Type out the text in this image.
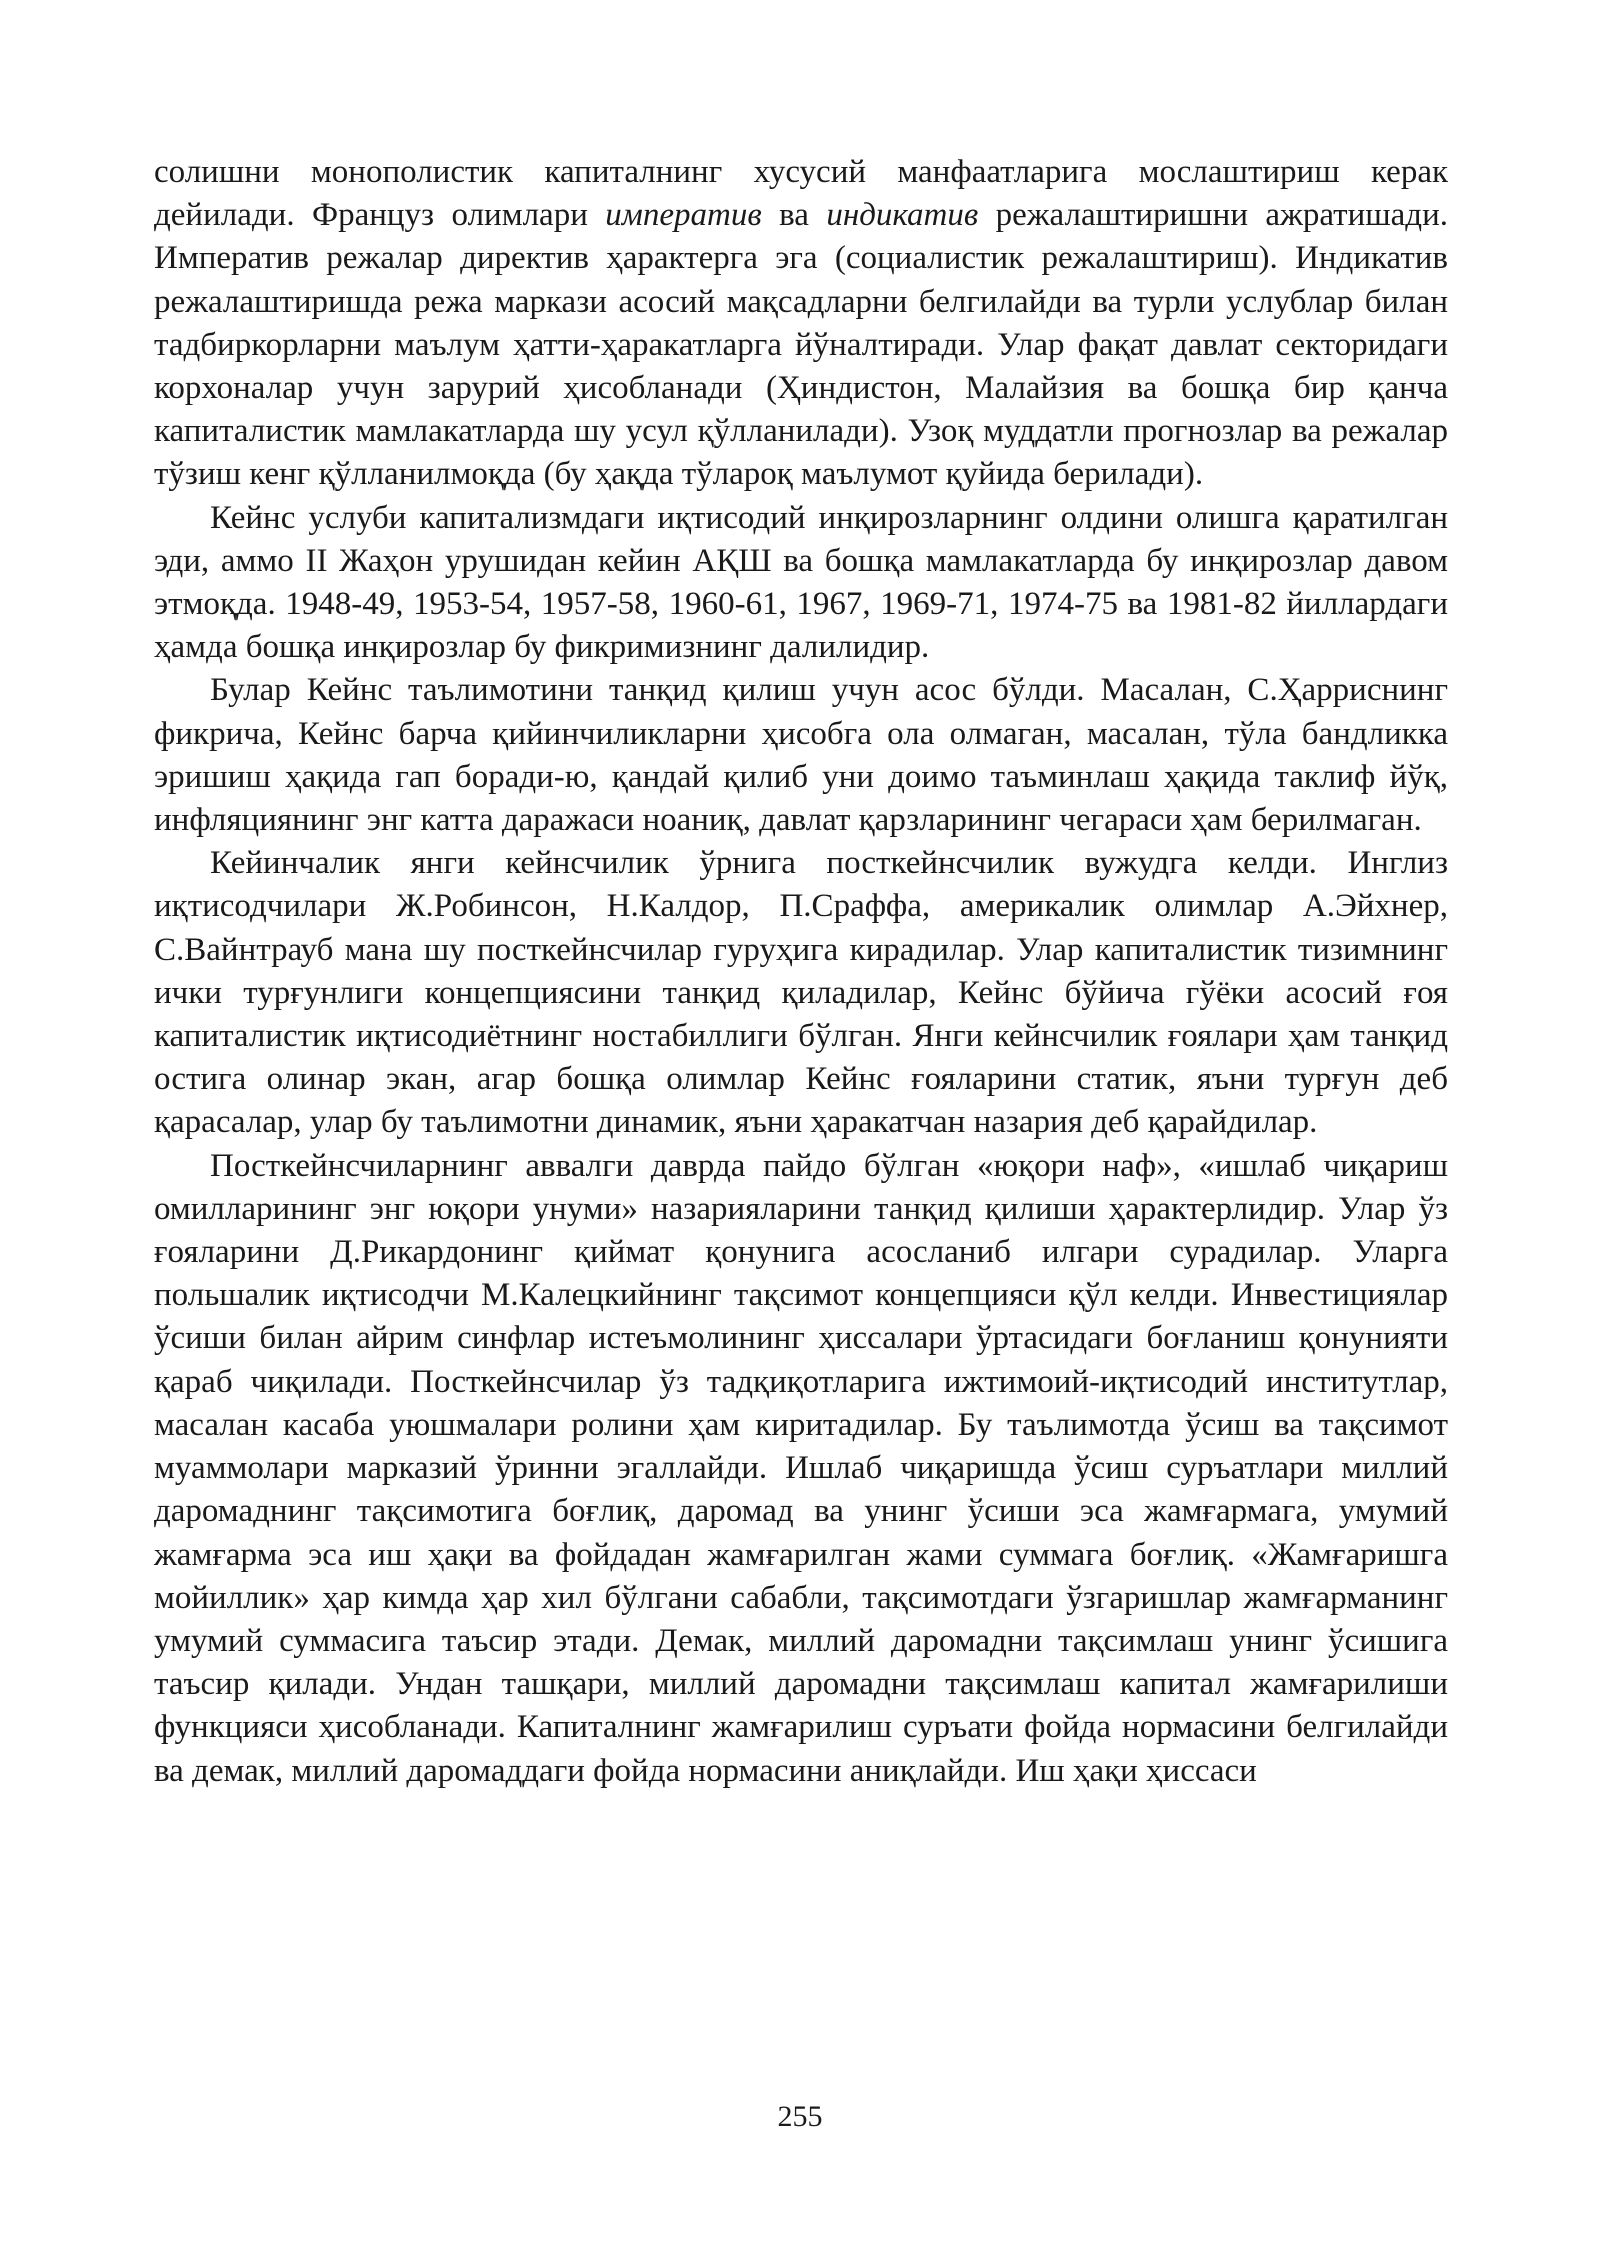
солишни монополистик капиталнинг хусусий манфаатларига мослаштириш керак дейилади. Француз олимлари императив ва индикатив режалаштиришни ажратишади. Императив режалар директив ҳарактерга эга (социалистик режалаштириш). Индикатив режалаштиришда режа маркази асосий мақсадларни белгилайди ва турли услублар билан тадбиркорларни маълум ҳатти-ҳаракатларга йўналтиради. Улар фақат давлат секторидаги корхоналар учун зарурий ҳисобланади (Ҳиндистон, Малайзия ва бошқа бир қанча капиталистик мамлакатларда шу усул қўлланилади). Узоқ муддатли прогнозлар ва режалар тўзиш кенг қўлланилмоқда (бу ҳақда тўлароқ маълумот қуйида берилади).

Кейнс услуби капитализмдаги иқтисодий инқирозларнинг олдини олишга қаратилган эди, аммо II Жаҳон урушидан кейин АҚШ ва бошқа мамлакатларда бу инқирозлар давом этмоқда. 1948-49, 1953-54, 1957-58, 1960-61, 1967, 1969-71, 1974-75 ва 1981-82 йиллардаги ҳамда бошқа инқирозлар бу фикримизнинг далилидир.

Булар Кейнс таълимотини танқид қилиш учун асос бўлди. Масалан, С.Ҳарриснинг фикрича, Кейнс барча қийинчиликларни ҳисобга ола олмаган, масалан, тўла бандликка эришиш ҳақида гап боради-ю, қандай қилиб уни доимо таъминлаш ҳақида таклиф йўқ, инфляциянинг энг катта даражаси ноаниқ, давлат қарзларининг чегараси ҳам берилмаган.

Кейинчалик янги кейнсчилик ўрнига посткейнсчилик вужудга келди. Инглиз иқтисодчилари Ж.Робинсон, Н.Калдор, П.Сраффа, америкалик олимлар А.Эйхнер, С.Вайнтрауб мана шу посткейнсчилар гуруҳига кирадилар. Улар капиталистик тизимнинг ички турғунлиги концепциясини танқид қиладилар, Кейнс бўйича гўёки асосий ғоя капиталистик иқтисодиётнинг ностабиллиги бўлган. Янги кейнсчилик ғоялари ҳам танқид остига олинар экан, агар бошқа олимлар Кейнс ғояларини статик, яъни турғун деб қарасалар, улар бу таълимотни динамик, яъни ҳаракатчан назария деб қарайдилар.

Посткейнсчиларнинг аввалги даврда пайдо бўлган «юқори наф», «ишлаб чиқариш омилларининг энг юқори унуми» назарияларини танқид қилиши ҳарактерлидир. Улар ўз ғояларини Д.Рикардонинг қиймат қонунига асосланиб илгари сурадилар. Уларга польшалик иқтисодчи М.Калецкийнинг тақсимот концепцияси қўл келди. Инвестициялар ўсиши билан айрим синфлар истеъмолининг ҳиссалари ўртасидаги боғланиш қонунияти қараб чиқилади. Посткейнсчилар ўз тадқиқотларига ижтимоий-иқтисодий институтлар, масалан касаба уюшмалари ролини ҳам киритадилар. Бу таълимотда ўсиш ва тақсимот муаммолари марказий ўринни эгаллайди. Ишлаб чиқаришда ўсиш суръатлари миллий даромаднинг тақсимотига боғлиқ, даромад ва унинг ўсиши эса жамғармага, умумий жамғарма эса иш ҳақи ва фойдадан жамғарилган жами суммага боғлиқ. «Жамғаришга мойиллик» ҳар кимда ҳар хил бўлгани сабабли, тақсимотдаги ўзгаришлар жамғарманинг умумий суммасига таъсир этади. Демак, миллий даромадни тақсимлаш унинг ўсишига таъсир қилади. Ундан ташқари, миллий даромадни тақсимлаш капитал жамғарилиши функцияси ҳисобланади. Капиталнинг жамғарилиш суръати фойда нормасини белгилайди ва демак, миллий даромаддаги фойда нормасини аниқлайди. Иш ҳақи ҳиссаси

255
